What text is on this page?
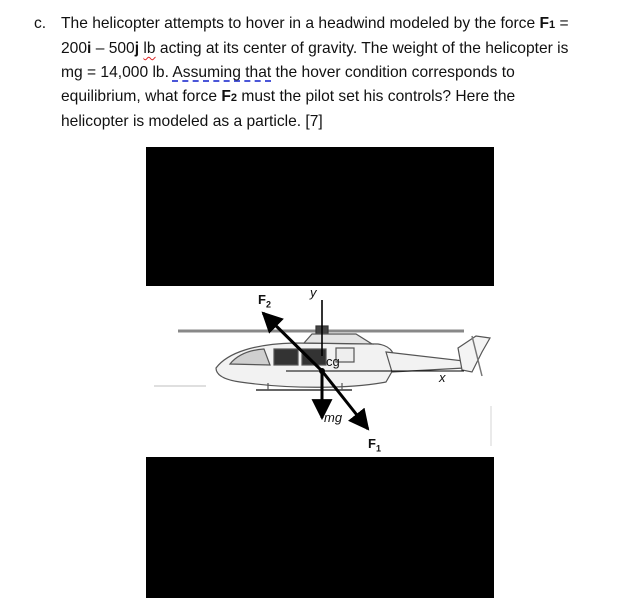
c. The helicopter attempts to hover in a headwind modeled by the force F1 =
200i – 500j lb acting at its center of gravity. The weight of the helicopter is
mg = 14,000 lb. Assuming that the hover condition corresponds to
equilibrium, what force F2 must the pilot set his controls? Here the
helicopter is modeled as a particle. [7]
$F_2$
y
cg
mg
$F_1$
x
